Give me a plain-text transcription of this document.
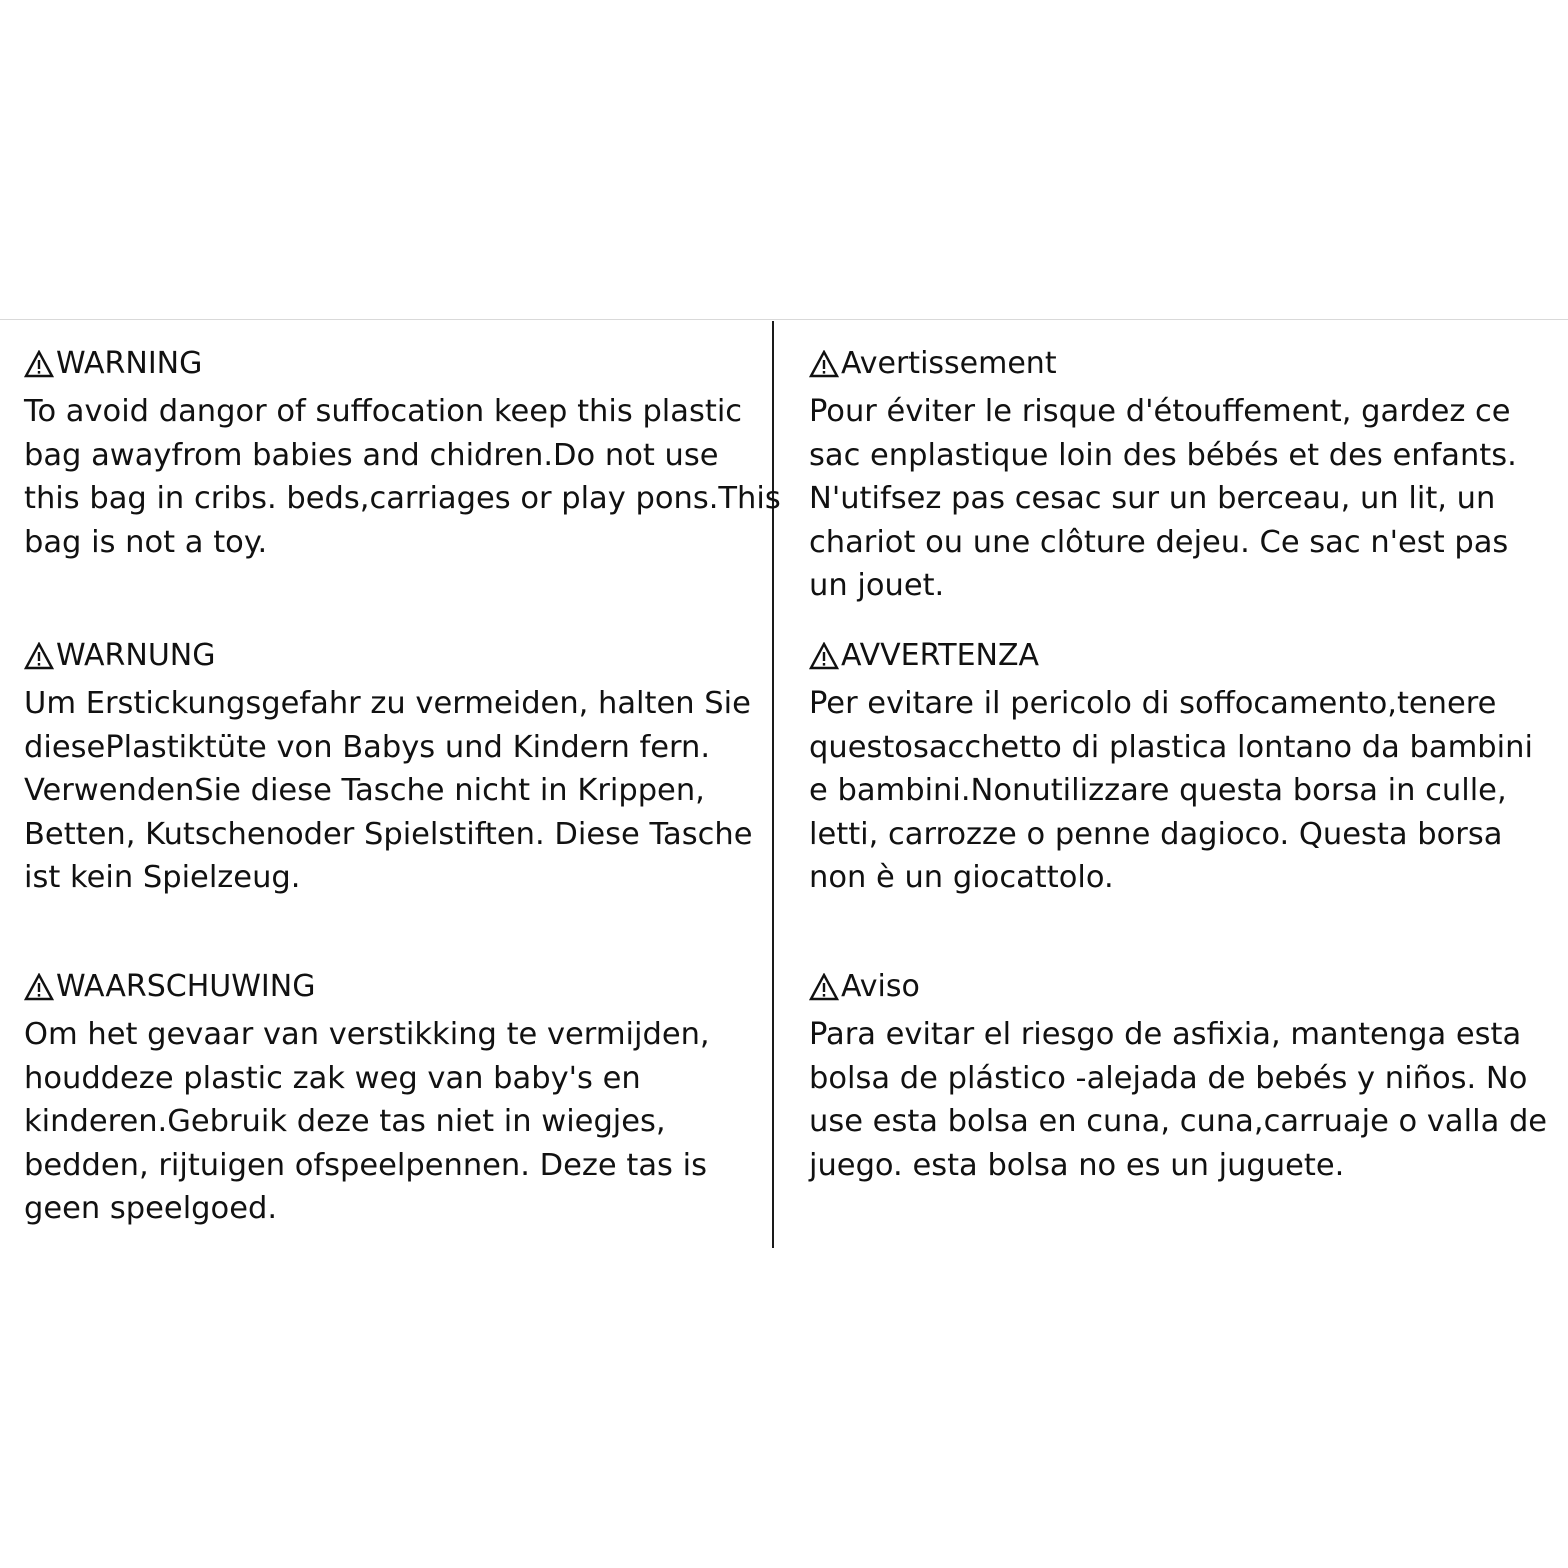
WARNING
To avoid dangor of suffocation keep this plastic
bag awayfrom babies and chidren.Do not use
this bag in cribs. beds,carriages or play pons.This
bag is not a toy.
Avertissement
Pour éviter le risque d'étouffement, gardez ce
sac enplastique loin des bébés et des enfants.
N'utifsez pas cesac sur un berceau, un lit, un
chariot ou une clôture dejeu. Ce sac n'est pas
un jouet.
WARNUNG
Um Erstickungsgefahr zu vermeiden, halten Sie
diesePlastiktüte von Babys und Kindern fern.
VerwendenSie diese Tasche nicht in Krippen,
Betten, Kutschenoder Spielstiften. Diese Tasche
ist kein Spielzeug.
AVVERTENZA
Per evitare il pericolo di soffocamento,tenere
questosacchetto di plastica lontano da bambini
e bambini.Nonutilizzare questa borsa in culle,
letti, carrozze o penne dagioco. Questa borsa
non è un giocattolo.
WAARSCHUWING
Om het gevaar van verstikking te vermijden,
houddeze plastic zak weg van baby's en
kinderen.Gebruik deze tas niet in wiegjes,
bedden, rijtuigen ofspeelpennen. Deze tas is
geen speelgoed.
Aviso
Para evitar el riesgo de asfixia, mantenga esta
bolsa de plástico -alejada de bebés y niños. No
use esta bolsa en cuna, cuna,carruaje o valla de
juego. esta bolsa no es un juguete.
